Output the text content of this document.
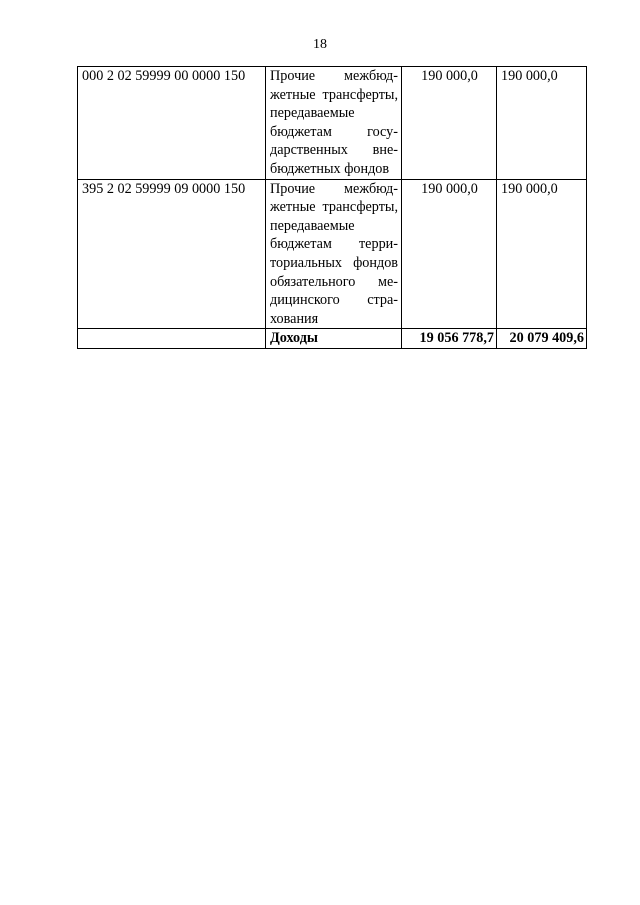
18
000 2 02 59999 00 0000 150	Прочие межбюджетные трансферты, передаваемые бюджетам государственных внебюджетных фондов	190 000,0	190 000,0
395 2 02 59999 09 0000 150	Прочие межбюджетные трансферты, передаваемые бюджетам территориальных фондов обязательного медицинского страхования	190 000,0	190 000,0
	Доходы	19 056 778,7	20 079 409,6
